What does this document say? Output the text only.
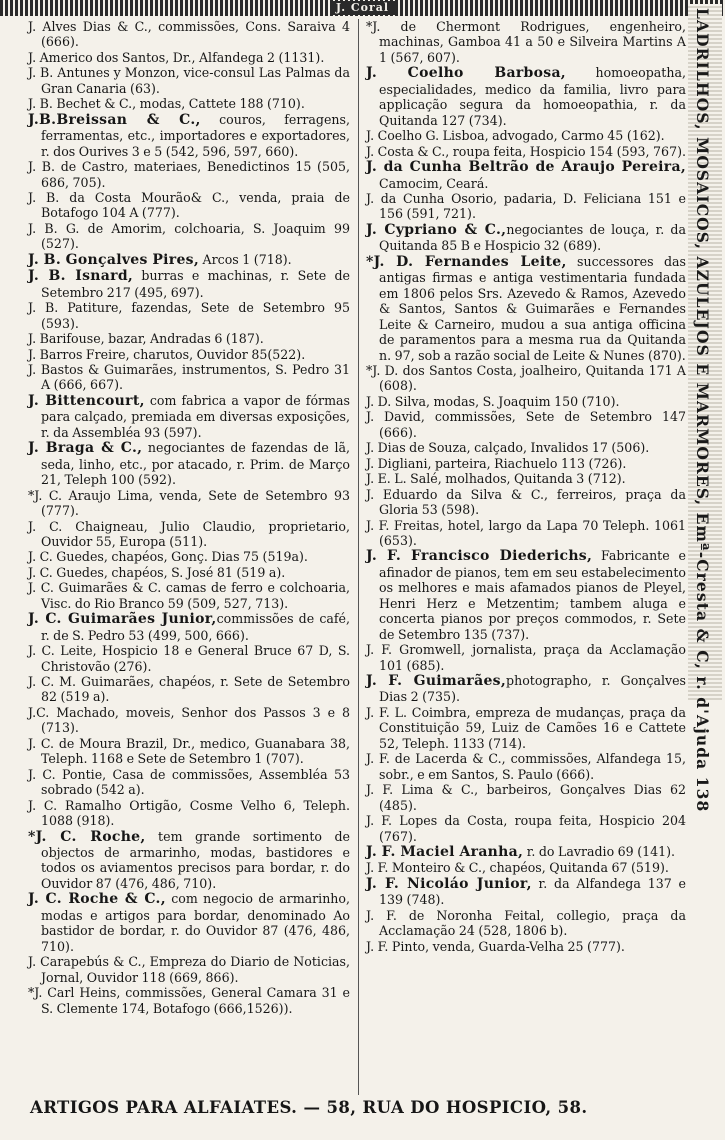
J. Coral

J. Alves Dias & C., commissões, Cons. Saraiva 4 (666).

J. Americo dos Santos, Dr., Alfandega 2 (1131).

J. B. Antunes y Monzon, vice-consul Las Palmas da Gran Canaria (63).

J. B. Bechet & C., modas, Cattete 188 (710).

J.B.Breissan & C., couros, ferragens, ferramentas, etc., importadores e exportadores, r. dos Ourives 3 e 5 (542, 596, 597, 660).

J. B. de Castro, materiaes, Benedictinos 15 (505, 686, 705).

J. B. da Costa Mourão& C., venda, praia de Botafogo 104 A (777).

J. B. G. de Amorim, colchoaria, S. Joaquim 99 (527).

J. B. Gonçalves Pires, Arcos 1 (718).

J. B. Isnard, burras e machinas, r. Sete de Setembro 217 (495, 697).

J. B. Patiture, fazendas, Sete de Setembro 95 (593).

J. Barifouse, bazar, Andradas 6 (187).

J. Barros Freire, charutos, Ouvidor 85(522).

J. Bastos & Guimarães, instrumentos, S. Pedro 31 A (666, 667).

J. Bittencourt, com fabrica a vapor de fórmas para calçado, premiada em diversas exposições, r. da Assembléa 93 (597).

J. Braga & C., negociantes de fazendas de lã, seda, linho, etc., por atacado, r. Prim. de Março 21, Teleph 100 (592).

*J. C. Araujo Lima, venda, Sete de Setembro 93 (777).

J. C. Chaigneau, Julio Claudio, proprietario, Ouvidor 55, Europa (511).

J. C. Guedes, chapéos, Gonç. Dias 75 (519a).

J. C. Guedes, chapéos, S. José 81 (519 a).

J. C. Guimarães & C. camas de ferro e colchoaria, Visc. do Rio Branco 59 (509, 527, 713).

J. C. Guimarães Junior,commissões de café, r. de S. Pedro 53 (499, 500, 666).

J. C. Leite, Hospicio 18 e General Bruce 67 D, S. Christovão (276).

J. C. M. Guimarães, chapéos, r. Sete de Setembro 82 (519 a).

J.C. Machado, moveis, Senhor dos Passos 3 e 8 (713).

J. C. de Moura Brazil, Dr., medico, Guanabara 38, Teleph. 1168 e Sete de Setembro 1 (707).

J. C. Pontie, Casa de commissões, Assembléa 53 sobrado (542 a).

J. C. Ramalho Ortigão, Cosme Velho 6, Teleph. 1088 (918).

*J. C. Roche, tem grande sortimento de objectos de armarinho, modas, bastidores e todos os aviamentos precisos para bordar, r. do Ouvidor 87 (476, 486, 710).

J. C. Roche & C., com negocio de armarinho, modas e artigos para bordar, denominado Ao bastidor de bordar, r. do Ouvidor 87 (476, 486, 710).

J. Carapebús & C., Empreza do Diario de Noticias, Jornal, Ouvidor 118 (669, 866).

*J. Carl Heins, commissões, General Camara 31 e S. Clemente 174, Botafogo (666,1526)).

*J. de Chermont Rodrigues, engenheiro, machinas, Gamboa 41 a 50 e Silveira Martins A 1 (567, 607).

J. Coelho Barbosa, homoeopatha, especialidades, medico da familia, livro para applicação segura da homoeopathia, r. da Quitanda 127 (734).

J. Coelho G. Lisboa, advogado, Carmo 45 (162).

J. Costa & C., roupa feita, Hospicio 154 (593, 767).

J. da Cunha Beltrão de Araujo Pereira, Camocim, Ceará.

J. da Cunha Osorio, padaria, D. Feliciana 151 e 156 (591, 721).

J. Cypriano & C.,negociantes de louça, r. da Quitanda 85 B e Hospicio 32 (689).

*J. D. Fernandes Leite, successores das antigas firmas e antiga vestimentaria fundada em 1806 pelos Srs. Azevedo & Ramos, Azevedo & Santos, Santos & Guimarães e Fernandes Leite & Carneiro, mudou a sua antiga officina de paramentos para a mesma rua da Quitanda n. 97, sob a razão social de Leite & Nunes (870).

*J. D. dos Santos Costa, joalheiro, Quitanda 171 A (608).

J. D. Silva, modas, S. Joaquim 150 (710).

J. David, commissões, Sete de Setembro 147 (666).

J. Dias de Souza, calçado, Invalidos 17 (506).

J. Digliani, parteira, Riachuelo 113 (726).

J. E. L. Salé, molhados, Quitanda 3 (712).

J. Eduardo da Silva & C., ferreiros, praça da Gloria 53 (598).

J. F. Freitas, hotel, largo da Lapa 70 Teleph. 1061 (653).

J. F. Francisco Diederichs, Fabricante e afinador de pianos, tem em seu estabelecimento os melhores e mais afamados pianos de Pleyel, Henri Herz e Metzentim; tambem aluga e concerta pianos por preços commodos, r. Sete de Setembro 135 (737).

J. F. Gromwell, jornalista, praça da Acclamação 101 (685).

J. F. Guimarães,photographo, r. Gonçalves Dias 2 (735).

J. F. L. Coimbra, empreza de mudanças, praça da Constituição 59, Luiz de Camões 16 e Cattete 52, Teleph. 1133 (714).

J. F. de Lacerda & C., commissões, Alfandega 15, sobr., e em Santos, S. Paulo (666).

J. F. Lima & C., barbeiros, Gonçalves Dias 62 (485).

J. F. Lopes da Costa, roupa feita, Hospicio 204 (767).

J. F. Maciel Aranha, r. do Lavradio 69 (141).

J. F. Monteiro & C., chapéos, Quitanda 67 (519).

J. F. Nicoláo Junior, r. da Alfandega 137 e 139 (748).

J. F. de Noronha Feital, collegio, praça da Acclamação 24 (528, 1806 b).

J. F. Pinto, venda, Guarda-Velha 25 (777).

LADRILHOS, MOSAICOS, AZULEJOS E MARMORES, Emª-Cresta & C, r. d'Ajuda 138
ARTIGOS PARA ALFAIATES. — 58, RUA DO HOSPICIO, 58.
